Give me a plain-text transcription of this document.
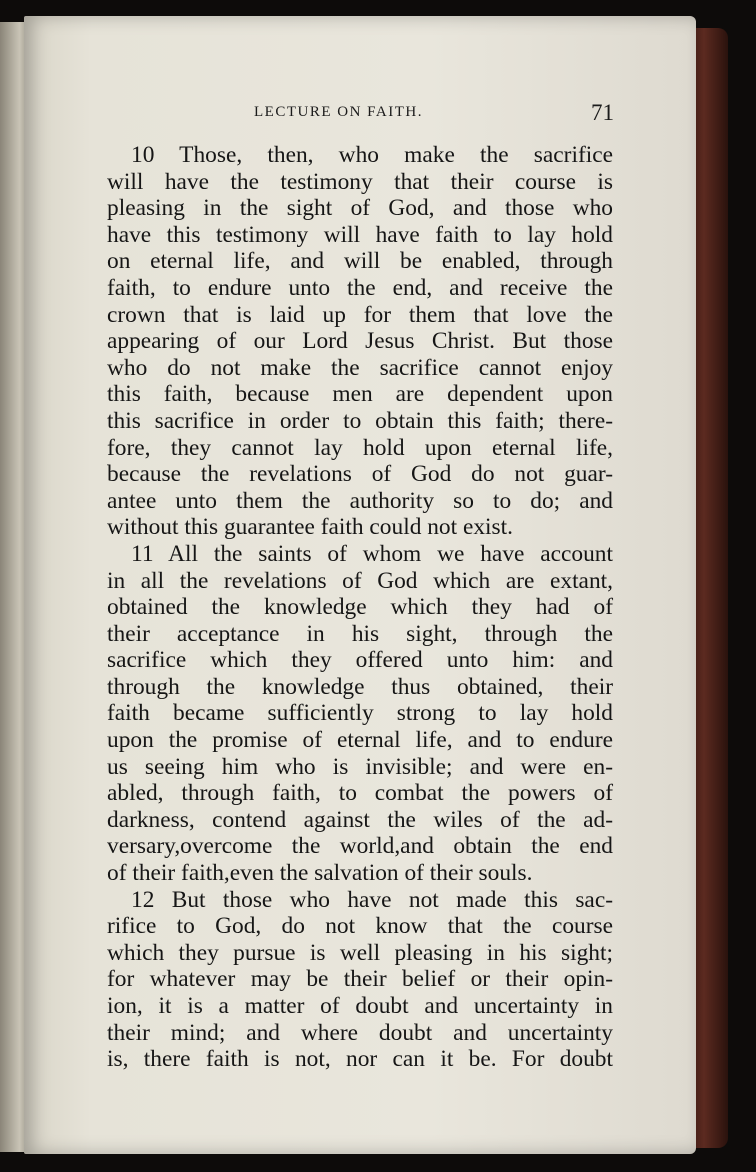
LECTURE ON FAITH.	71
10 Those, then, who make the sacrifice
will have the testimony that their course is
pleasing in the sight of God, and those who
have this testimony will have faith to lay hold
on eternal life, and will be enabled, through
faith, to endure unto the end, and receive the
crown that is laid up for them that love the
appearing of our Lord Jesus Christ. But those
who do not make the sacrifice cannot enjoy
this faith, because men are dependent upon
this sacrifice in order to obtain this faith; there-
fore, they cannot lay hold upon eternal life,
because the revelations of God do not guar-
antee unto them the authority so to do; and
without this guarantee faith could not exist.
11 All the saints of whom we have account
in all the revelations of God which are extant,
obtained the knowledge which they had of
their acceptance in his sight, through the
sacrifice which they offered unto him: and
through the knowledge thus obtained, their
faith became sufficiently strong to lay hold
upon the promise of eternal life, and to endure
us seeing him who is invisible; and were en-
abled, through faith, to combat the powers of
darkness, contend against the wiles of the ad-
versary,overcome the world,and obtain the end
of their faith,even the salvation of their souls.
12 But those who have not made this sac-
rifice to God, do not know that the course
which they pursue is well pleasing in his sight;
for whatever may be their belief or their opin-
ion, it is a matter of doubt and uncertainty in
their mind; and where doubt and uncertainty
is, there faith is not, nor can it be. For doubt
